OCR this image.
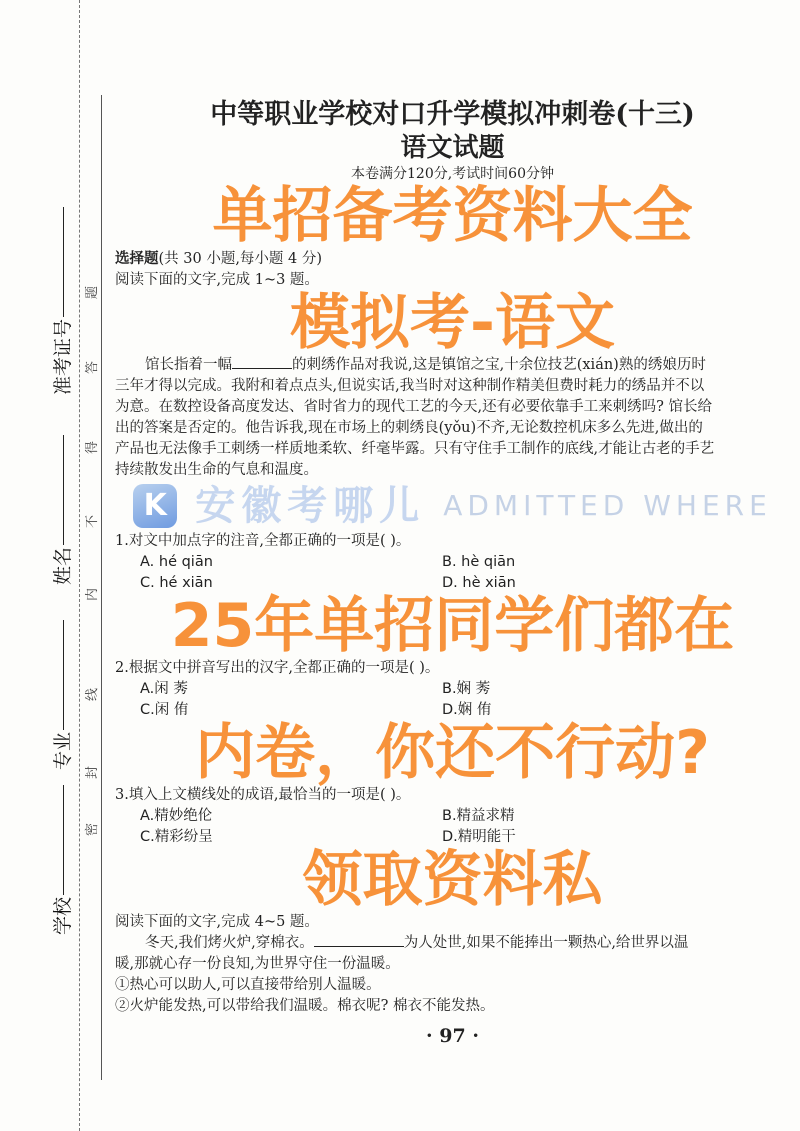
学校
专业
姓名
准考证号
密
封
线
内
不
得
答
题
中等职业学校对口升学模拟冲刺卷(十三)
语文试题
本卷满分120分,考试时间60分钟
单招备考资料大全
选择题(共 30 小题,每小题 4 分)
阅读下面的文字,完成 1~3 题。
模拟考-语文
馆长指着一幅	的刺绣作品对我说,这是镇馆之宝,十余位技艺(xián)熟的绣娘历时
三年才得以完成。我附和着点点头,但说实话,我当时对这种制作精美但费时耗力的绣品并不以
为意。在数控设备高度发达、省时省力的现代工艺的今天,还有必要依靠手工来刺绣吗? 馆长给
出的答案是否定的。他告诉我,现在市场上的刺绣良(yǒu)不齐,无论数控机床多么先进,做出的
产品也无法像手工刺绣一样质地柔软、纤毫毕露。只有守住手工制作的底线,才能让古老的手艺
持续散发出生命的气息和温度。
K 安徽考哪儿 ADMITTED WHERE
1.对文中加点字的注音,全都正确的一项是( )。
A. hé qiān	B. hè qiān
C. hé xiān	D. hè xiān
25年单招同学们都在
2.根据文中拼音写出的汉字,全都正确的一项是( )。
A.闲 莠	B.娴 莠
C.闲 侑	D.娴 侑
内卷，你还不行动?
3.填入上文横线处的成语,最恰当的一项是( )。
A.精妙绝伦	B.精益求精
C.精彩纷呈	D.精明能干
领取资料私
阅读下面的文字,完成 4~5 题。
冬天,我们烤火炉,穿棉衣。	为人处世,如果不能捧出一颗热心,给世界以温
暖,那就心存一份良知,为世界守住一份温暖。
①热心可以助人,可以直接带给别人温暖。
②火炉能发热,可以带给我们温暖。棉衣呢? 棉衣不能发热。
· 97 ·
